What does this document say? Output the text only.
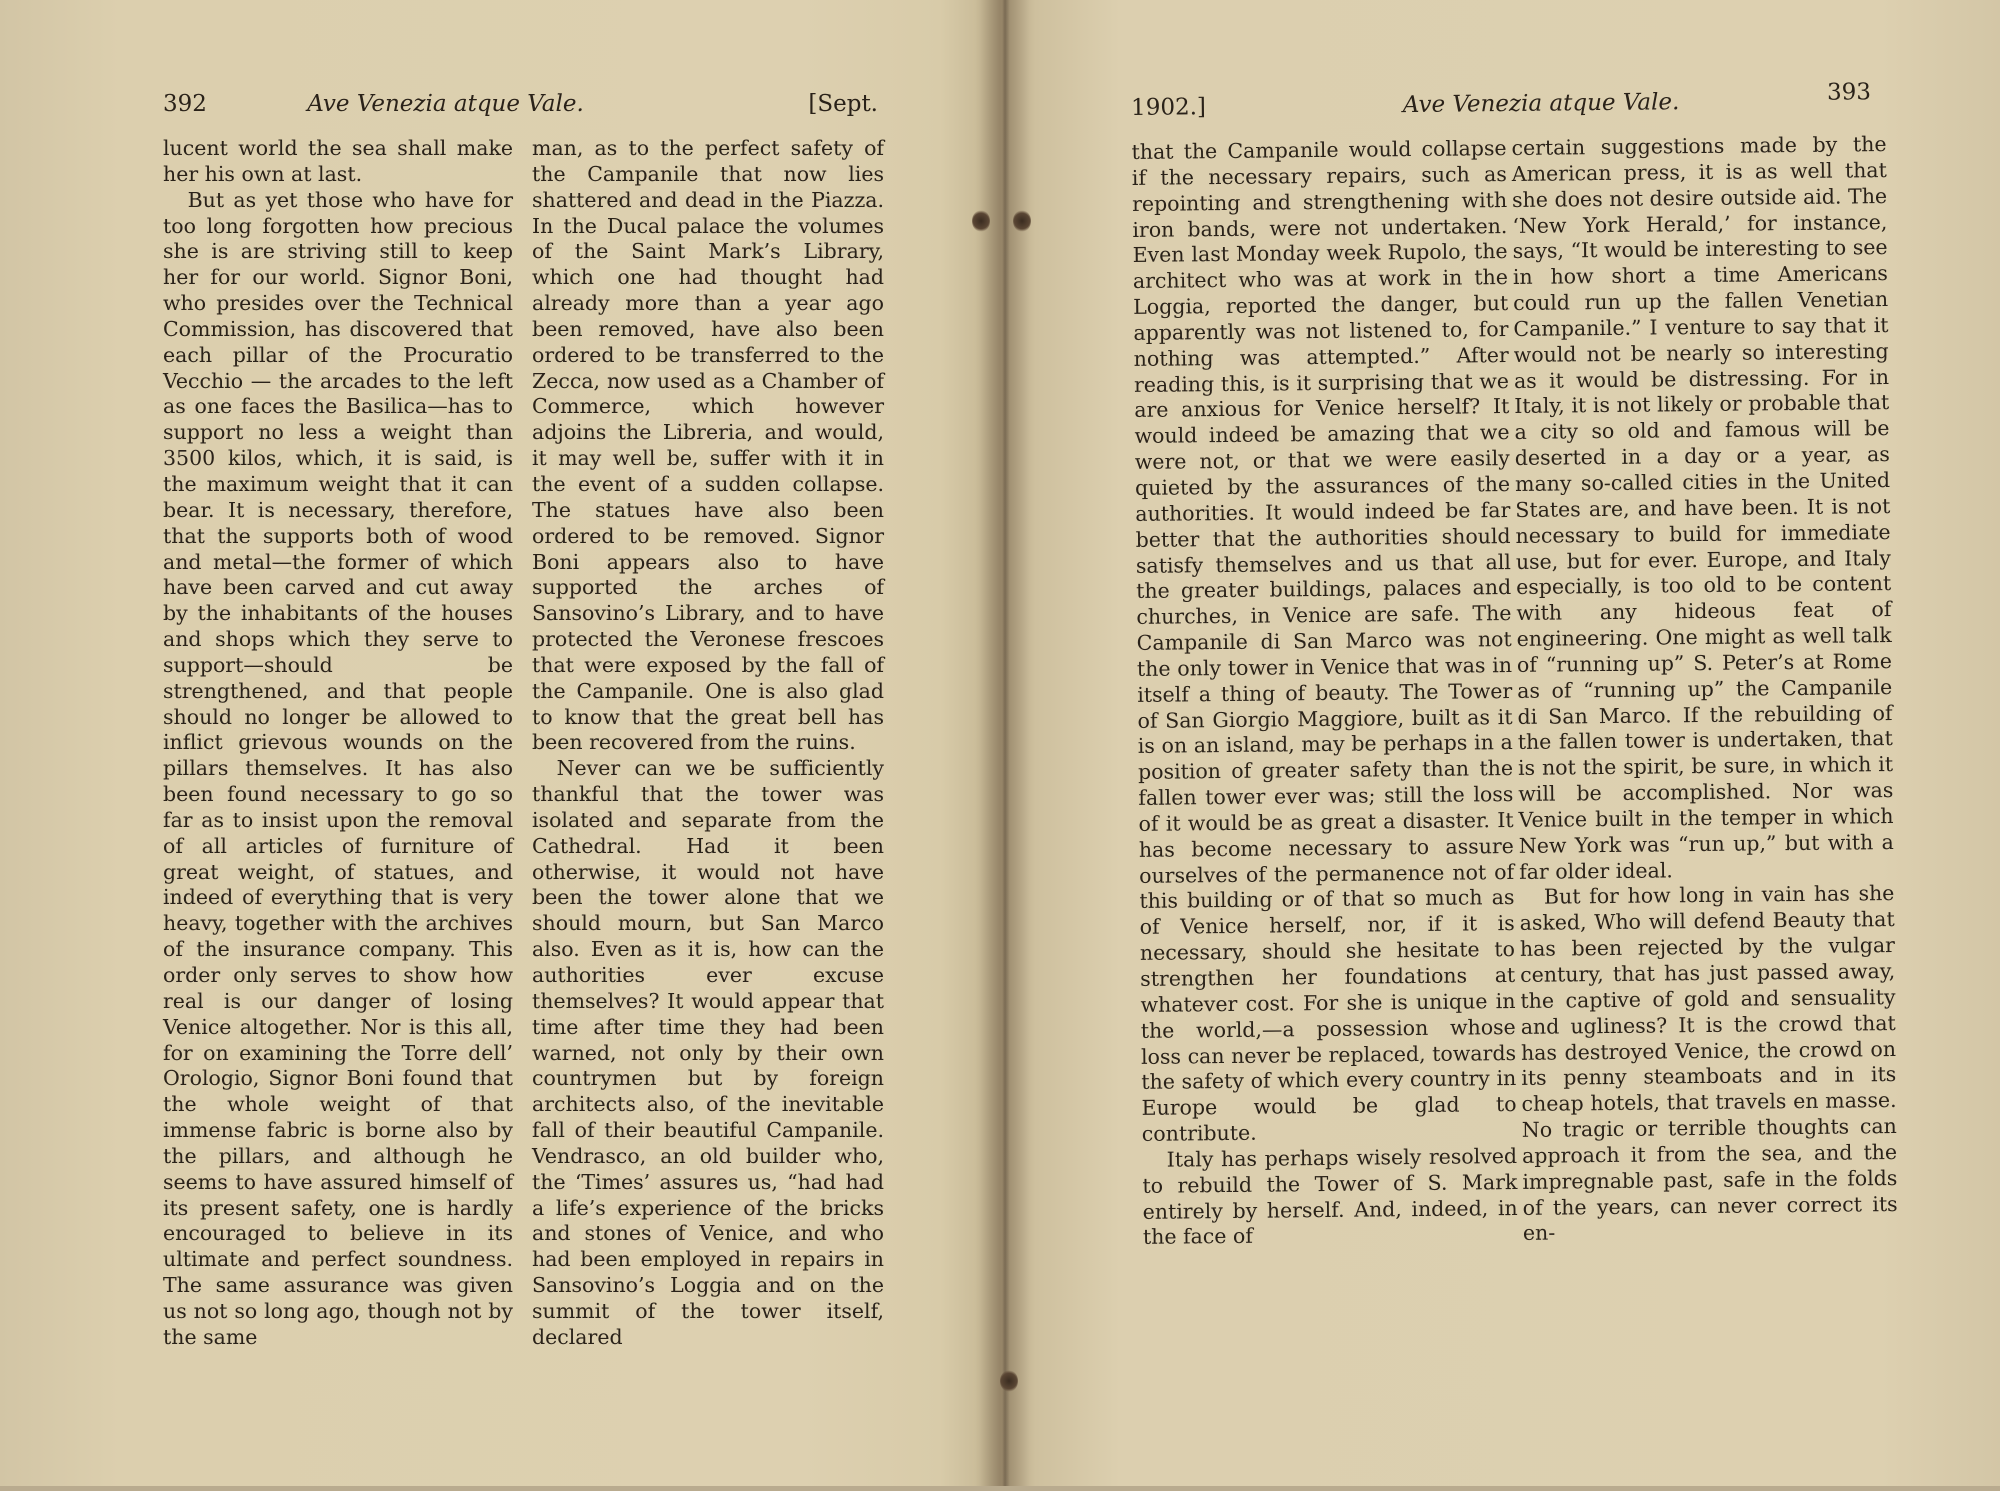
392	Ave Venezia atque Vale.	[Sept.

lucent world the sea shall make her his own at last.

But as yet those who have for too long forgotten how precious she is are striving still to keep her for our world. Signor Boni, who presides over the Technical Commission, has discovered that each pillar of the Procuratio Vecchio — the arcades to the left as one faces the Basilica—has to support no less a weight than 3500 kilos, which, it is said, is the maximum weight that it can bear. It is necessary, therefore, that the supports both of wood and metal—the former of which have been carved and cut away by the inhabitants of the houses and shops which they serve to support—should be strengthened, and that people should no longer be allowed to inflict grievous wounds on the pillars themselves. It has also been found necessary to go so far as to insist upon the removal of all articles of furniture of great weight, of statues, and indeed of everything that is very heavy, together with the archives of the insurance company. This order only serves to show how real is our danger of losing Venice altogether. Nor is this all, for on examining the Torre dell’ Orologio, Signor Boni found that the whole weight of that immense fabric is borne also by the pillars, and although he seems to have assured himself of its present safety, one is hardly encouraged to believe in its ultimate and perfect soundness. The same assurance was given us not so long ago, though not by the same

man, as to the perfect safety of the Campanile that now lies shattered and dead in the Piazza. In the Ducal palace the volumes of the Saint Mark’s Library, which one had thought had already more than a year ago been removed, have also been ordered to be transferred to the Zecca, now used as a Chamber of Commerce, which however adjoins the Libreria, and would, it may well be, suffer with it in the event of a sudden collapse. The statues have also been ordered to be removed. Signor Boni appears also to have supported the arches of Sansovino’s Library, and to have protected the Veronese frescoes that were exposed by the fall of the Campanile. One is also glad to know that the great bell has been recovered from the ruins.

Never can we be sufficiently thankful that the tower was isolated and separate from the Cathedral. Had it been otherwise, it would not have been the tower alone that we should mourn, but San Marco also. Even as it is, how can the authorities ever excuse themselves? It would appear that time after time they had been warned, not only by their own countrymen but by foreign architects also, of the inevitable fall of their beautiful Campanile. Vendrasco, an old builder who, the ‘Times’ assures us, “had had a life’s experience of the bricks and stones of Venice, and who had been employed in repairs in Sansovino’s Loggia and on the summit of the tower itself, declared

1902.]	Ave Venezia atque Vale.	393

that the Campanile would collapse if the necessary repairs, such as repointing and strengthening with iron bands, were not undertaken. Even last Monday week Rupolo, the architect who was at work in the Loggia, reported the danger, but apparently was not listened to, for nothing was attempted.” After reading this, is it surprising that we are anxious for Venice herself? It would indeed be amazing that we were not, or that we were easily quieted by the assurances of the authorities. It would indeed be far better that the authorities should satisfy themselves and us that all the greater buildings, palaces and churches, in Venice are safe. The Campanile di San Marco was not the only tower in Venice that was in itself a thing of beauty. The Tower of San Giorgio Maggiore, built as it is on an island, may be perhaps in a position of greater safety than the fallen tower ever was; still the loss of it would be as great a disaster. It has become necessary to assure ourselves of the permanence not of this building or of that so much as of Venice herself, nor, if it is necessary, should she hesitate to strengthen her foundations at whatever cost. For she is unique in the world,—a possession whose loss can never be replaced, towards the safety of which every country in Europe would be glad to contribute.

Italy has perhaps wisely resolved to rebuild the Tower of S. Mark entirely by herself. And, indeed, in the face of

certain suggestions made by the American press, it is as well that she does not desire outside aid. The ‘New York Herald,’ for instance, says, “It would be interesting to see in how short a time Americans could run up the fallen Venetian Campanile.” I venture to say that it would not be nearly so interesting as it would be distressing. For in Italy, it is not likely or probable that a city so old and famous will be deserted in a day or a year, as many so-called cities in the United States are, and have been. It is not necessary to build for immediate use, but for ever. Europe, and Italy especially, is too old to be content with any hideous feat of engineering. One might as well talk of “running up” S. Peter’s at Rome as of “running up” the Campanile di San Marco. If the rebuilding of the fallen tower is undertaken, that is not the spirit, be sure, in which it will be accomplished. Nor was Venice built in the temper in which New York was “run up,” but with a far older ideal.

But for how long in vain has she asked, Who will defend Beauty that has been rejected by the vulgar century, that has just passed away, the captive of gold and sensuality and ugliness? It is the crowd that has destroyed Venice, the crowd on its penny steamboats and in its cheap hotels, that travels en masse. No tragic or terrible thoughts can approach it from the sea, and the impregnable past, safe in the folds of the years, can never correct its en-
